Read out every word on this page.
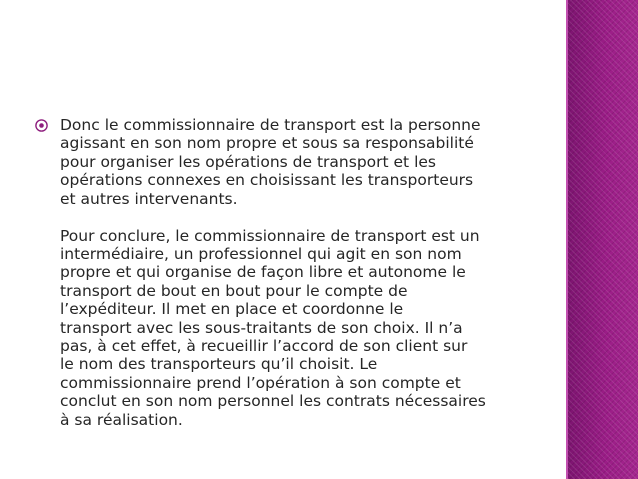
Donc le commissionnaire de transport est la personne
agissant en son nom propre et sous sa responsabilité
pour organiser les opérations de transport et les
opérations connexes en choisissant les transporteurs
et autres intervenants.

Pour conclure, le commissionnaire de transport est un
intermédiaire, un professionnel qui agit en son nom
propre et qui organise de façon libre et autonome le
transport de bout en bout pour le compte de
l’expéditeur. Il met en place et coordonne le
transport avec les sous-traitants de son choix. Il n’a
pas, à cet effet, à recueillir l’accord de son client sur
le nom des transporteurs qu’il choisit. Le
commissionnaire prend l’opération à son compte et
conclut en son nom personnel les contrats nécessaires
à sa réalisation.
